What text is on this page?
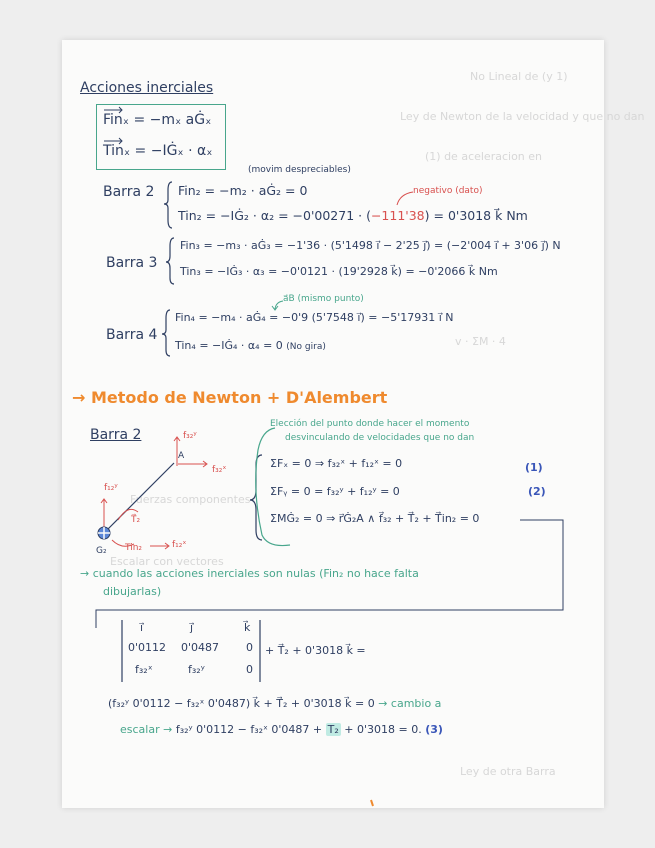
No Lineal de (y 1)
Ley de Newton de la velocidad y que no dan
(1) de aceleracion en
Fuerzas componentes
v · ΣM · 4
Escalar con vectores
Ley de otra Barra
Acciones inerciales
Finₓ = −mₓ aĠₓ
Tinₓ = −IĠₓ · αₓ
Barra 2
(movim despreciables)
Fin₂ = −m₂ · aĠ₂ = 0	negativo (dato)
Tin₂ = −IĠ₂ · α₂ = −0'00271 · (−111'38) = 0'3018 k⃗ Nm
Barra 3
Fin₃ = −m₃ · aĠ₃ = −1'36 · (5'1498 i⃗ − 2'25 j⃗) = (−2'004 i⃗ + 3'06 j⃗) N
Tin₃ = −IĠ₃ · α₃ = −0'0121 · (19'2928 k⃗) = −0'2066 k⃗ Nm
a⃗B (mismo punto)
Barra 4
Fin₄ = −m₄ · aĠ₄ = −0'9 (5'7548 i⃗) = −5'17931 i⃗ N
Tin₄ = −IĠ₄ · α₄ = 0 (No gira)
→ Metodo de Newton + D'Alembert
Barra 2
Elección del punto donde hacer el momento
desvinculando de velocidades que no dan
ΣFₓ = 0 ⇒ f₃₂ˣ + f₁₂ˣ = 0	(1)
ΣFᵧ = 0 = f₃₂ʸ + f₁₂ʸ = 0	(2)
ΣMĠ₂ = 0 ⇒ r⃗Ġ₂A ∧ f⃗₃₂ + T⃗₂ + T⃗in₂ = 0
f₃₂ʸ
A
f₃₂ˣ
f₁₂ʸ
T⃗₂
G₂ Tin₂	f₁₂ˣ
→ cuando las acciones inerciales son nulas (Fin₂ no hace falta
dibujarlas)
i⃗	j⃗	k⃗
0'0112 0'0487 0
f₃₂ˣ	f₃₂ʸ	0
+ T⃗₂ + 0'3018 k⃗ =
(f₃₂ʸ 0'0112 − f₃₂ˣ 0'0487) k⃗ + T⃗₂ + 0'3018 k⃗ = 0 → cambio a
escalar → f₃₂ʸ 0'0112 − f₃₂ˣ 0'0487 + T₂ + 0'3018 = 0. (3)
